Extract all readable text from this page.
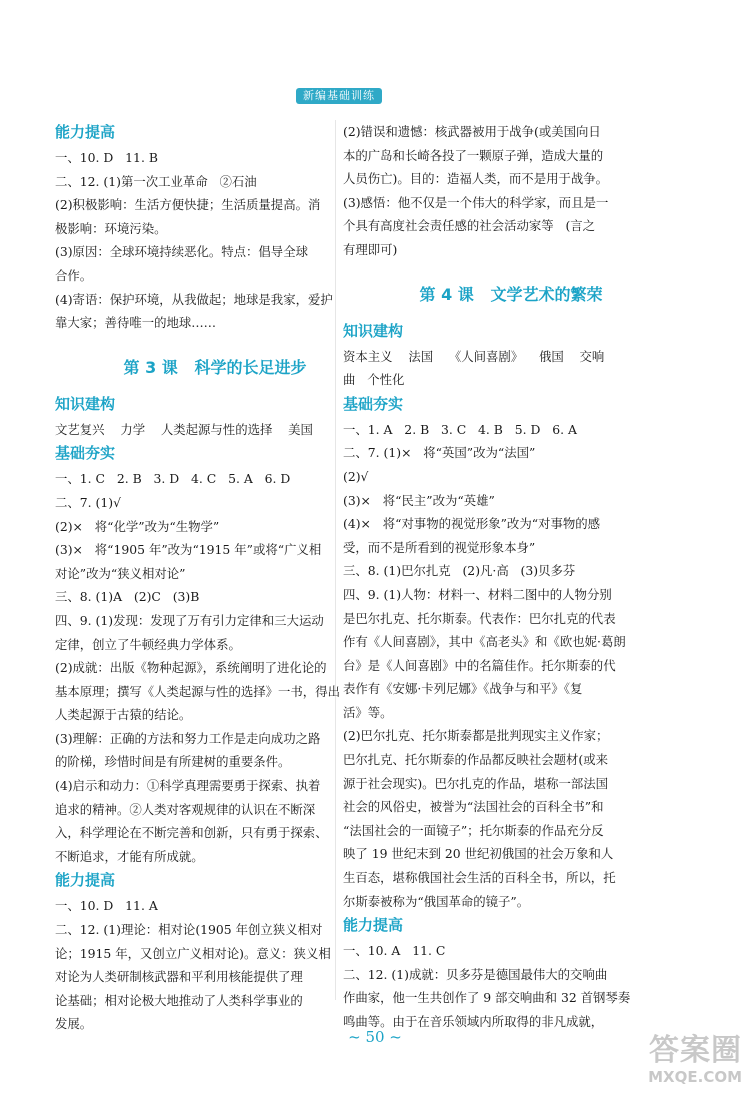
新编基础训练
能力提高
一、10. D   11. B
二、12. (1)第一次工业革命   ②石油
(2)积极影响：生活方便快捷；生活质量提高。消
极影响：环境污染。
(3)原因：全球环境持续恶化。特点：倡导全球
合作。
(4)寄语：保护环境，从我做起；地球是我家，爱护
靠大家；善待唯一的地球……
第 3 课   科学的长足进步
知识建构
文艺复兴    力学    人类起源与性的选择    美国
基础夯实
一、1. C   2. B   3. D   4. C   5. A   6. D
二、7. (1)√
(2)×   将“化学”改为“生物学”
(3)×   将“1905 年”改为“1915 年”或将“广义相
对论”改为“狭义相对论”
三、8. (1)A   (2)C   (3)B
四、9. (1)发现：发现了万有引力定律和三大运动
定律，创立了牛顿经典力学体系。
(2)成就：出版《物种起源》，系统阐明了进化论的
基本原理；撰写《人类起源与性的选择》一书，得出
人类起源于古猿的结论。
(3)理解：正确的方法和努力工作是走向成功之路
的阶梯，珍惜时间是有所建树的重要条件。
(4)启示和动力：①科学真理需要勇于探索、执着
追求的精神。②人类对客观规律的认识在不断深
入，科学理论在不断完善和创新，只有勇于探索、
不断追求，才能有所成就。
能力提高
一、10. D   11. A
二、12. (1)理论：相对论(1905 年创立狭义相对
论；1915 年，又创立广义相对论)。意义：狭义相
对论为人类研制核武器和平利用核能提供了理
论基础；相对论极大地推动了人类科学事业的
发展。
(2)错误和遗憾：核武器被用于战争(或美国向日
本的广岛和长崎各投了一颗原子弹，造成大量的
人员伤亡)。目的：造福人类，而不是用于战争。
(3)感悟：他不仅是一个伟大的科学家，而且是一
个具有高度社会责任感的社会活动家等   (言之
有理即可)
第 4 课   文学艺术的繁荣
知识建构
资本主义    法国    《人间喜剧》    俄国    交响
曲   个性化
基础夯实
一、1. A   2. B   3. C   4. B   5. D   6. A
二、7. (1)×   将“英国”改为“法国”
(2)√
(3)×   将“民主”改为“英雄”
(4)×   将“对事物的视觉形象”改为“对事物的感
受，而不是所看到的视觉形象本身”
三、8. (1)巴尔扎克   (2)凡·高   (3)贝多芬
四、9. (1)人物：材料一、材料二图中的人物分别
是巴尔扎克、托尔斯泰。代表作：巴尔扎克的代表
作有《人间喜剧》，其中《高老头》和《欧也妮·葛朗
台》是《人间喜剧》中的名篇佳作。托尔斯泰的代
表作有《安娜·卡列尼娜》《战争与和平》《复
活》等。
(2)巴尔扎克、托尔斯泰都是批判现实主义作家；
巴尔扎克、托尔斯泰的作品都反映社会题材(或来
源于社会现实)。巴尔扎克的作品，堪称一部法国
社会的风俗史，被誉为“法国社会的百科全书”和
“法国社会的一面镜子”；托尔斯泰的作品充分反
映了 19 世纪末到 20 世纪初俄国的社会万象和人
生百态，堪称俄国社会生活的百科全书，所以，托
尔斯泰被称为“俄国革命的镜子”。
能力提高
一、10. A   11. C
二、12. (1)成就：贝多芬是德国最伟大的交响曲
作曲家，他一生共创作了 9 部交响曲和 32 首钢琴奏
鸣曲等。由于在音乐领域内所取得的非凡成就，
~ 50 ~	答案圈
MXQE.COM
